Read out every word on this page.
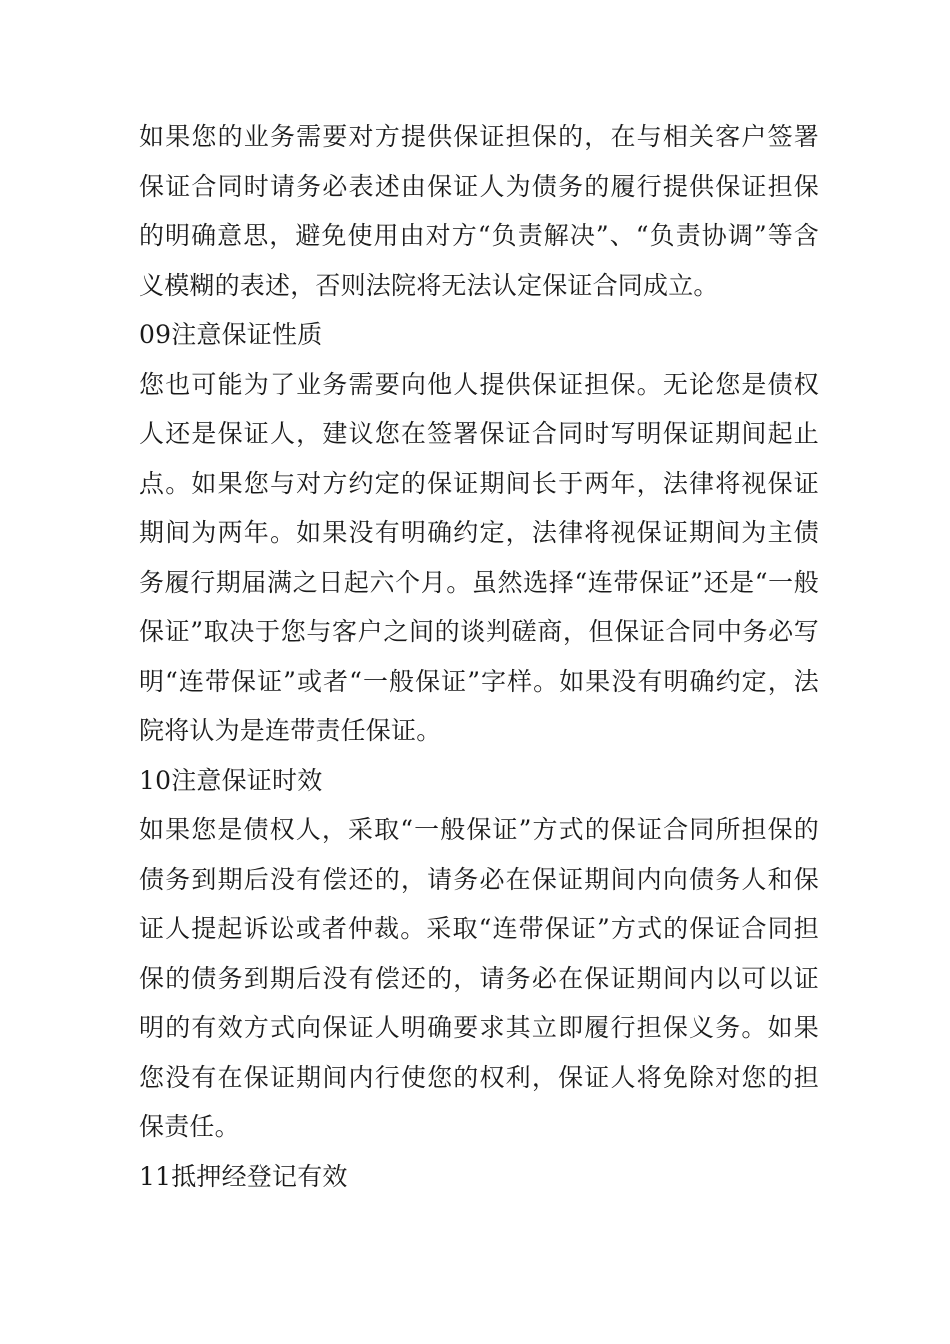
如果您的业务需要对方提供保证担保的，在与相关客户签署保证合同时请务必表述由保证人为债务的履行提供保证担保的明确意思，避免使用由对方“负责解决”、“负责协调”等含义模糊的表述，否则法院将无法认定保证合同成立。

09注意保证性质

您也可能为了业务需要向他人提供保证担保。无论您是债权人还是保证人，建议您在签署保证合同时写明保证期间起止点。如果您与对方约定的保证期间长于两年，法律将视保证期间为两年。如果没有明确约定，法律将视保证期间为主债务履行期届满之日起六个月。虽然选择“连带保证”还是“一般保证”取决于您与客户之间的谈判磋商，但保证合同中务必写明“连带保证”或者“一般保证”字样。如果没有明确约定，法院将认为是连带责任保证。

10注意保证时效

如果您是债权人，采取“一般保证”方式的保证合同所担保的债务到期后没有偿还的，请务必在保证期间内向债务人和保证人提起诉讼或者仲裁。采取“连带保证”方式的保证合同担保的债务到期后没有偿还的，请务必在保证期间内以可以证明的有效方式向保证人明确要求其立即履行担保义务。如果您没有在保证期间内行使您的权利，保证人将免除对您的担保责任。

11抵押经登记有效
